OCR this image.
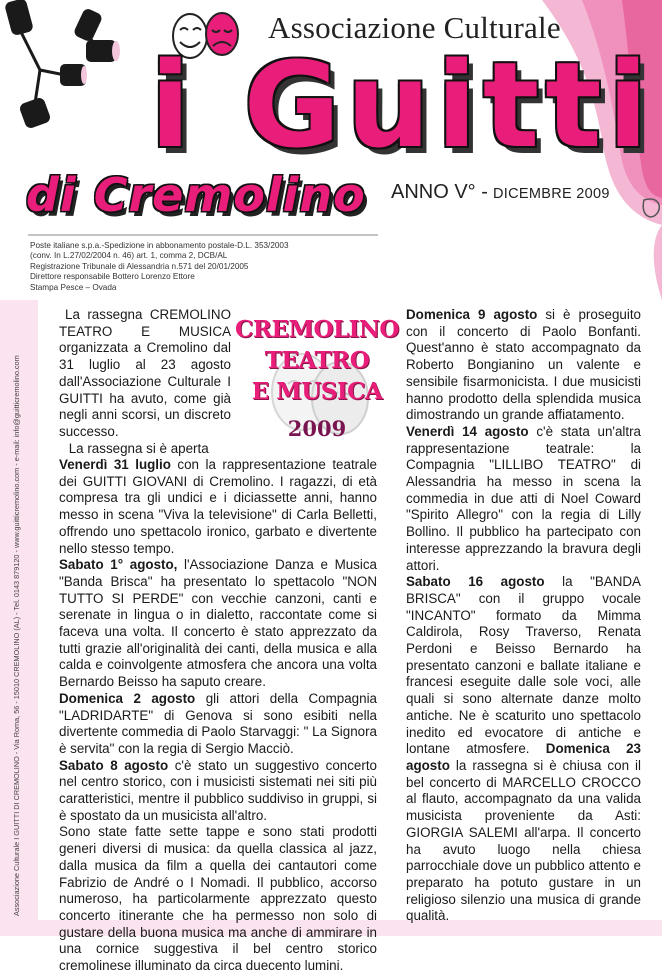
Associazione Culturale
i Guitti
di Cremolino ANNO V° - DICEMBRE 2009
Poste italiane s.p.a.-Spedizione in abbonamento postale-D.L. 353/2003
(conv. In L.27/02/2004 n. 46) art. 1, comma 2, DCB/AL
Registrazione Tribunale di Alessandria n.571 del 20/01/2005
Direttore responsabile Bottero Lorenzo Ettore
Stampa Pesce – Ovada
Associazione Culturale I GUITTI DI CREMOLINO - Via Roma, 56 - 15010 CREMOLINO (AL) - Tel. 0143 879120 - www.guitticremolino.com - e-mail: info@guitticremolino.com
CREMOLINO
TEATRO
E MUSICA
2009

La rassegna CREMOLINO TEATRO E MUSICA organizzata a Cremolino dal 31 luglio al 23 agosto dall'Associazione Culturale I GUITTI ha avuto, come già negli anni scorsi, un discreto successo.

La rassegna si è aperta

Venerdì 31 luglio con la rappresentazione teatrale dei GUITTI GIOVANI di Cremolino. I ragazzi, di età compresa tra gli undici e i diciassette anni, hanno messo in scena "Viva la televisione" di Carla Belletti, offrendo uno spettacolo ironico, garbato e divertente nello stesso tempo.

Sabato 1° agosto, l'Associazione Danza e Musica "Banda Brisca" ha presentato lo spettacolo "NON TUTTO SI PERDE" con vecchie canzoni, canti e serenate in lingua o in dialetto, raccontate come si faceva una volta. Il concerto è stato apprezzato da tutti grazie all'originalità dei canti, della musica e alla calda e coinvolgente atmosfera che ancora una volta Bernardo Beisso ha saputo creare.

Domenica 2 agosto gli attori della Compagnia "LADRIDARTE" di Genova si sono esibiti nella divertente commedia di Paolo Starvaggi: " La Signora è servita" con la regia di Sergio Macciò.

Sabato 8 agosto c'è stato un suggestivo concerto nel centro storico, con i musicisti sistemati nei siti più caratteristici, mentre il pubblico suddiviso in gruppi, si è spostato da un musicista all'altro.

Sono state fatte sette tappe e sono stati prodotti generi diversi di musica: da quella classica al jazz, dalla musica da film a quella dei cantautori come Fabrizio de André o I Nomadi. Il pubblico, accorso numeroso, ha particolarmente apprezzato questo concerto itinerante che ha permesso non solo di gustare della buona musica ma anche di ammirare in una cornice suggestiva il bel centro storico cremolinese illuminato da circa duecento lumini.

Domenica 9 agosto si è proseguito con il concerto di Paolo Bonfanti. Quest'anno è stato accompagnato da Roberto Bongianino un valente e sensibile fisarmonicista. I due musicisti hanno prodotto della splendida musica dimostrando un grande affiatamento.

Venerdì 14 agosto c'è stata un'altra rappresentazione teatrale: la Compagnia "LILLIBO TEATRO" di Alessandria ha messo in scena la commedia in due atti di Noel Coward "Spirito Allegro" con la regia di Lilly Bollino. Il pubblico ha partecipato con interesse apprezzando la bravura degli attori.

Sabato 16 agosto la "BANDA BRISCA" con il gruppo vocale "INCANTO" formato da Mimma Caldirola, Rosy Traverso, Renata Perdoni e Beisso Bernardo ha presentato canzoni e ballate italiane e francesi eseguite dalle sole voci, alle quali si sono alternate danze molto antiche. Ne è scaturito uno spettacolo inedito ed evocatore di antiche e lontane atmosfere. Domenica 23 agosto la rassegna si è chiusa con il bel concerto di MARCELLO CROCCO al flauto, accompagnato da una valida musicista proveniente da Asti: GIORGIA SALEMI all'arpa. Il concerto ha avuto luogo nella chiesa parrocchiale dove un pubblico attento e preparato ha potuto gustare in un religioso silenzio una musica di grande qualità.
